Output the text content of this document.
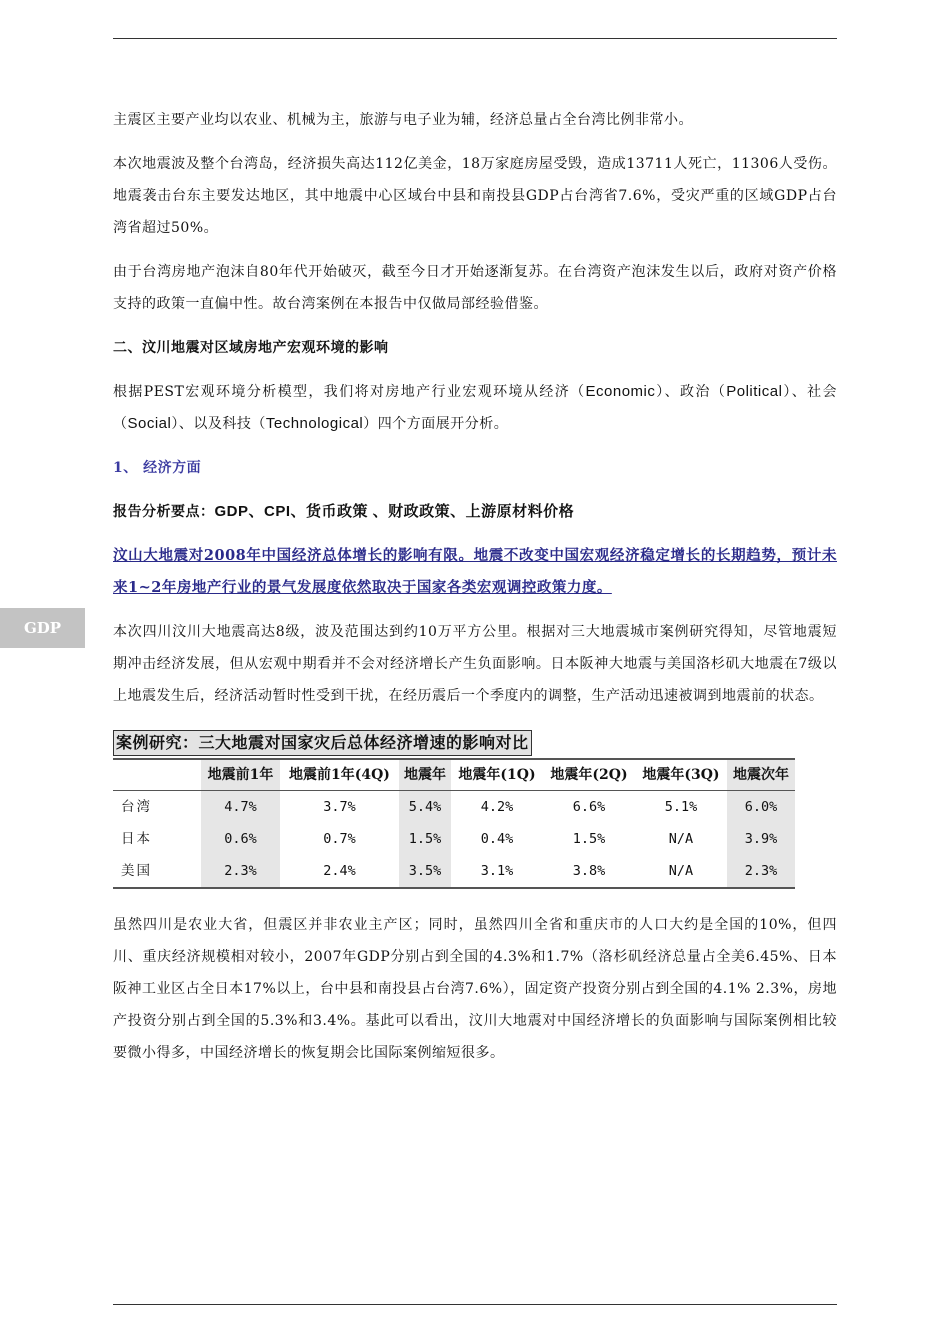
GDP

主震区主要产业均以农业、机械为主，旅游与电子业为辅，经济总量占全台湾比例非常小。

本次地震波及整个台湾岛，经济损失高达112亿美金，18万家庭房屋受毁，造成13711人死亡，11306人受伤。地震袭击台东主要发达地区，其中地震中心区域台中县和南投县GDP占台湾省7.6%，受灾严重的区域GDP占台湾省超过50%。

由于台湾房地产泡沫自80年代开始破灭，截至今日才开始逐渐复苏。在台湾资产泡沫发生以后，政府对资产价格支持的政策一直偏中性。故台湾案例在本报告中仅做局部经验借鉴。

二、汶川地震对区域房地产宏观环境的影响

根据PEST宏观环境分析模型，我们将对房地产行业宏观环境从经济（Economic）、政治（Political）、社会（Social）、以及科技（Technological）四个方面展开分析。

1、 经济方面

报告分析要点：GDP、CPI、货币政策 、财政政策、上游原材料价格

汶山大地震对2008年中国经济总体增长的影响有限。地震不改变中国宏观经济稳定增长的长期趋势，预计未来1~2年房地产行业的景气发展度依然取决于国家各类宏观调控政策力度。

本次四川汶川大地震高达8级，波及范围达到约10万平方公里。根据对三大地震城市案例研究得知，尽管地震短期冲击经济发展，但从宏观中期看并不会对经济增长产生负面影响。日本阪神大地震与美国洛杉矶大地震在7级以上地震发生后，经济活动暂时性受到干扰，在经历震后一个季度内的调整，生产活动迅速被调到地震前的状态。

案例研究：三大地震对国家灾后总体经济增速的影响对比
	地震前1年	地震前1年(4Q)	地震年	地震年(1Q)	地震年(2Q)	地震年(3Q)	地震次年
台湾	4.7%	3.7%	5.4%	4.2%	6.6%	5.1%	6.0%
日本	0.6%	0.7%	1.5%	0.4%	1.5%	N/A	3.9%
美国	2.3%	2.4%	3.5%	3.1%	3.8%	N/A	2.3%

虽然四川是农业大省，但震区并非农业主产区；同时，虽然四川全省和重庆市的人口大约是全国的10%，但四川、重庆经济规模相对较小，2007年GDP分别占到全国的4.3%和1.7%（洛杉矶经济总量占全美6.45%、日本阪神工业区占全日本17%以上，台中县和南投县占台湾7.6%），固定资产投资分别占到全国的4.1% 2.3%，房地产投资分别占到全国的5.3%和3.4%。基此可以看出，汶川大地震对中国经济增长的负面影响与国际案例相比较要微小得多，中国经济增长的恢复期会比国际案例缩短很多。
